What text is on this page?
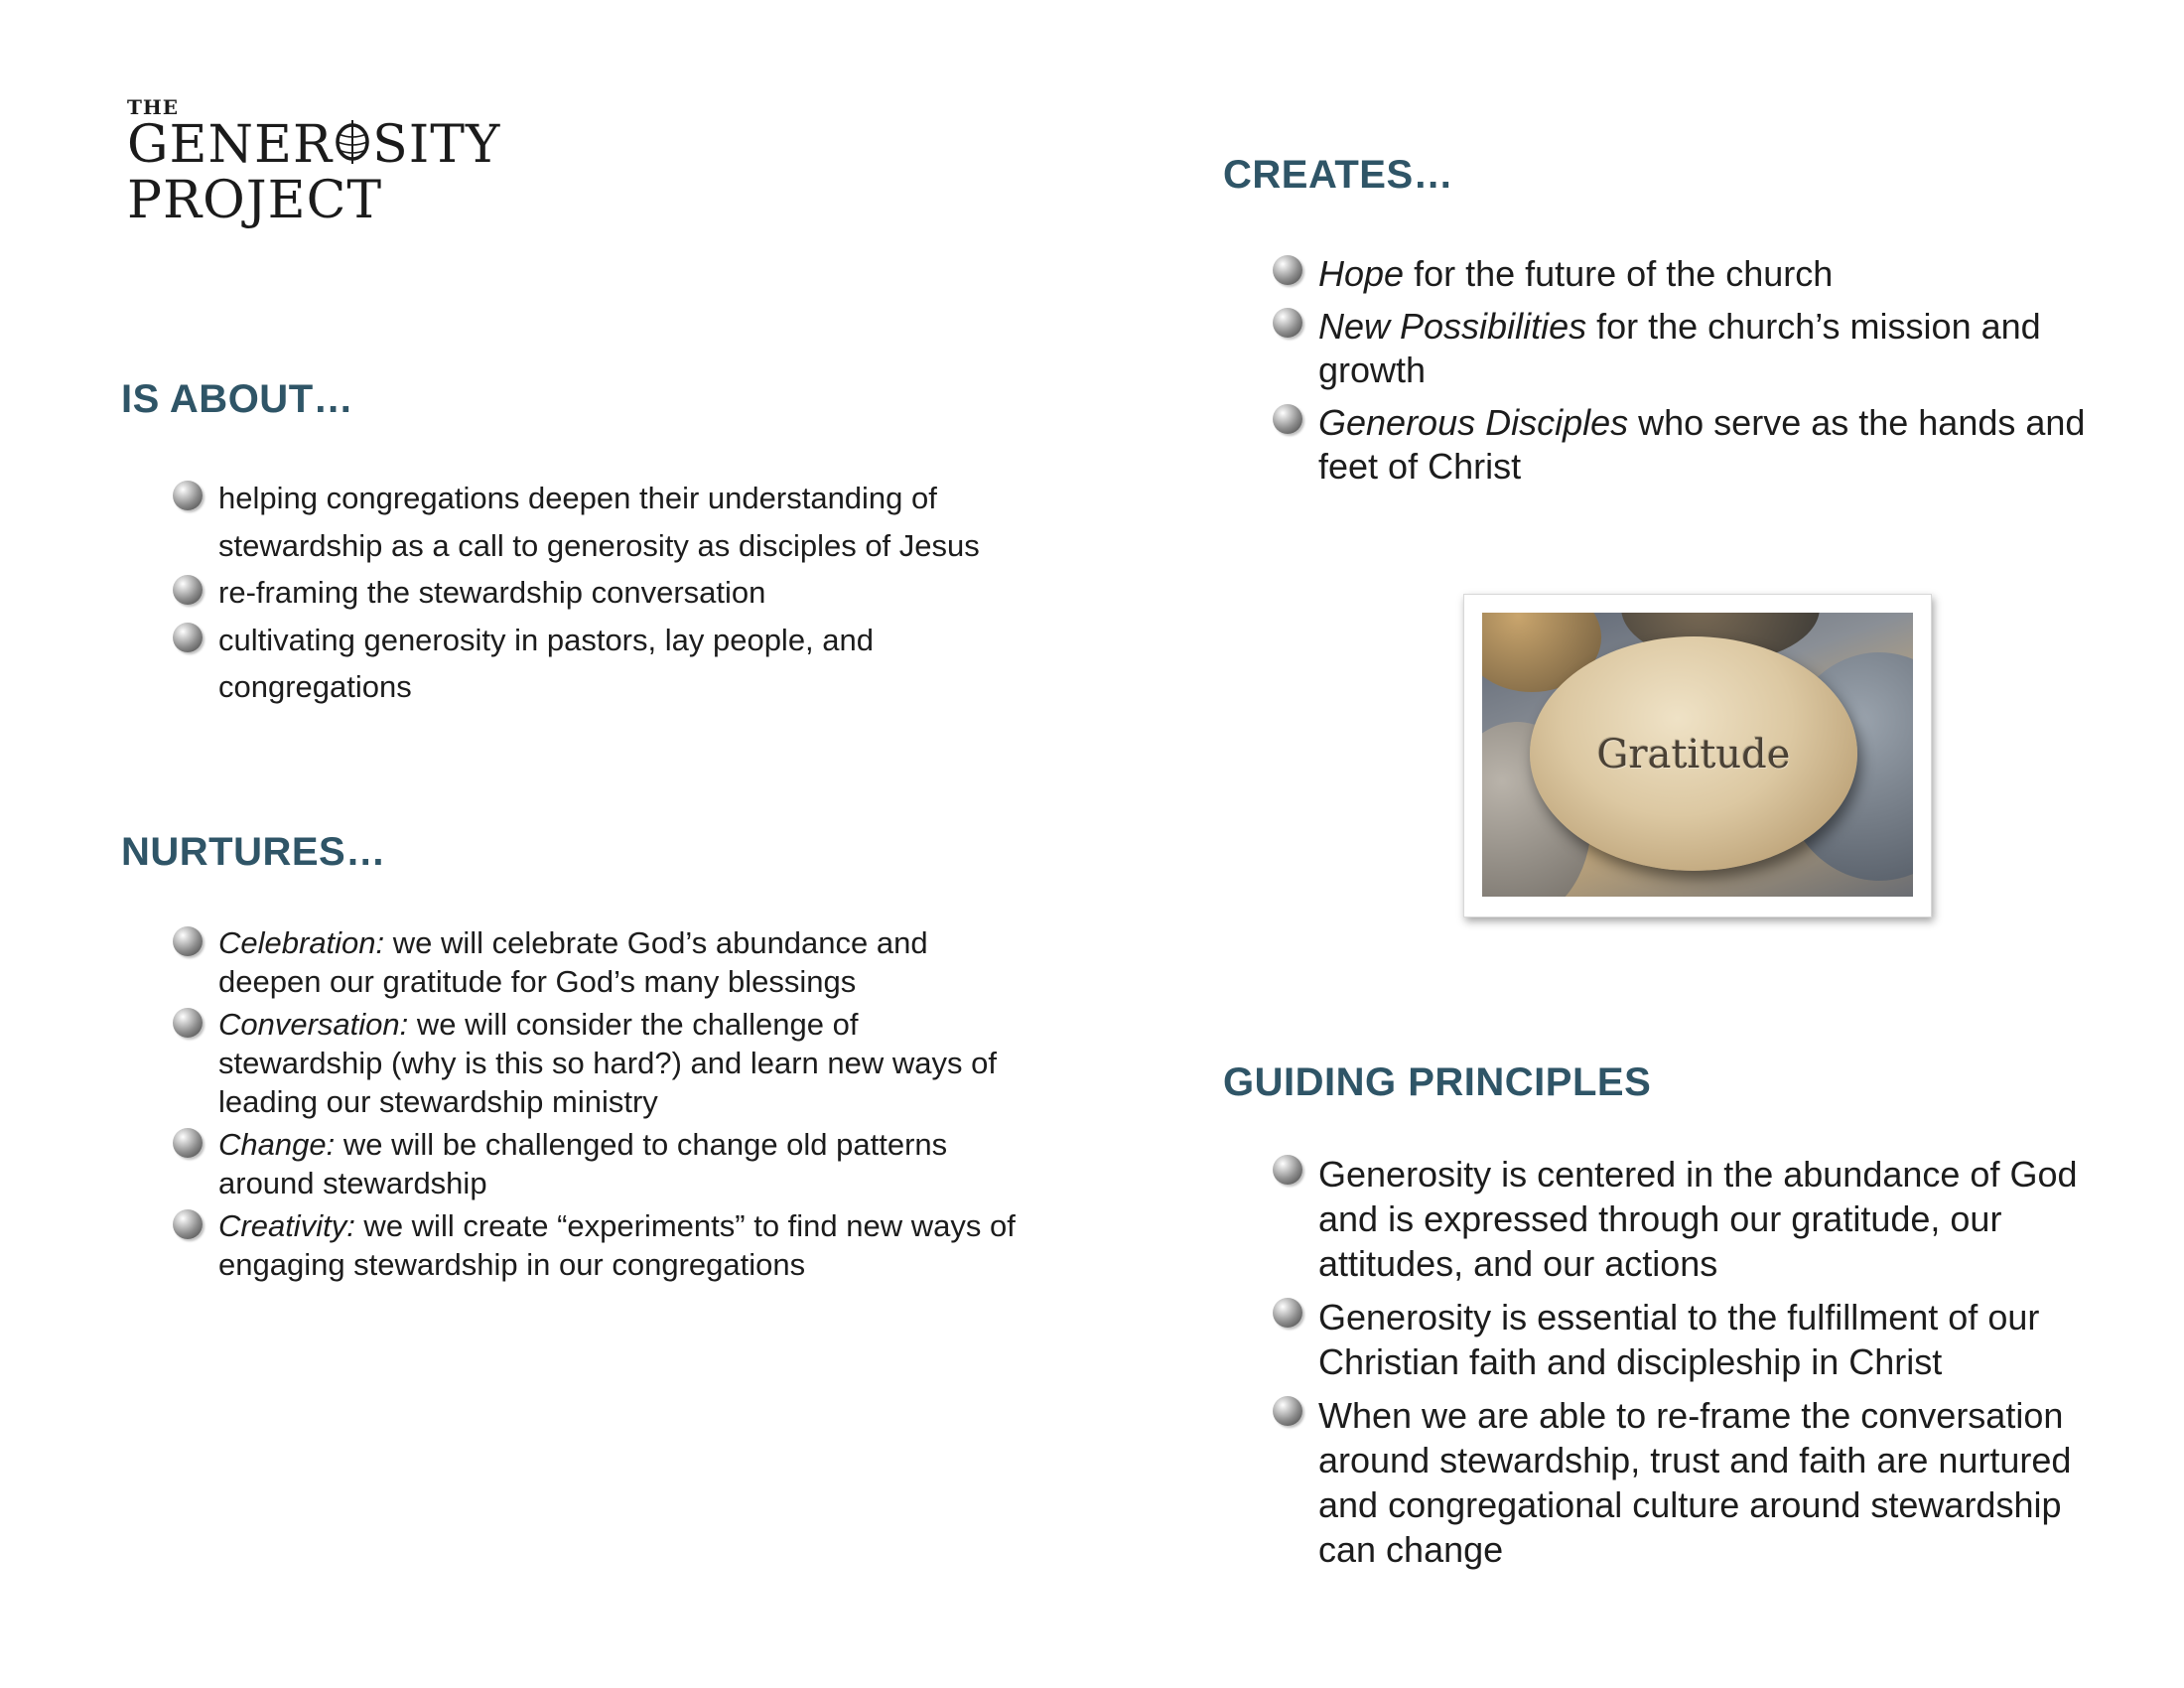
THE
GENER SITY
PROJECT
IS ABOUT…
helping congregations deepen their understanding of stewardship as a call to generosity as disciples of Jesus
re-framing the stewardship conversation
cultivating generosity in pastors, lay people, and congregations
NURTURES…
Celebration: we will celebrate God’s abundance and deepen our gratitude for God’s many blessings
Conversation: we will consider the challenge of stewardship (why is this so hard?) and learn new ways of leading our stewardship ministry
Change: we will be challenged to change old patterns around stewardship
Creativity: we will create “experiments” to find new ways of engaging stewardship in our congregations
CREATES…
Hope for the future of the church
New Possibilities for the church’s mission and growth
Generous Disciples who serve as the hands and feet of Christ
Gratitude
GUIDING PRINCIPLES
Generosity is centered in the abundance of God and is expressed through our gratitude, our attitudes, and our actions
Generosity is essential to the fulfillment of our Christian faith and discipleship in Christ
When we are able to re-frame the conversation around stewardship, trust and faith are nurtured and congregational culture around stewardship can change
